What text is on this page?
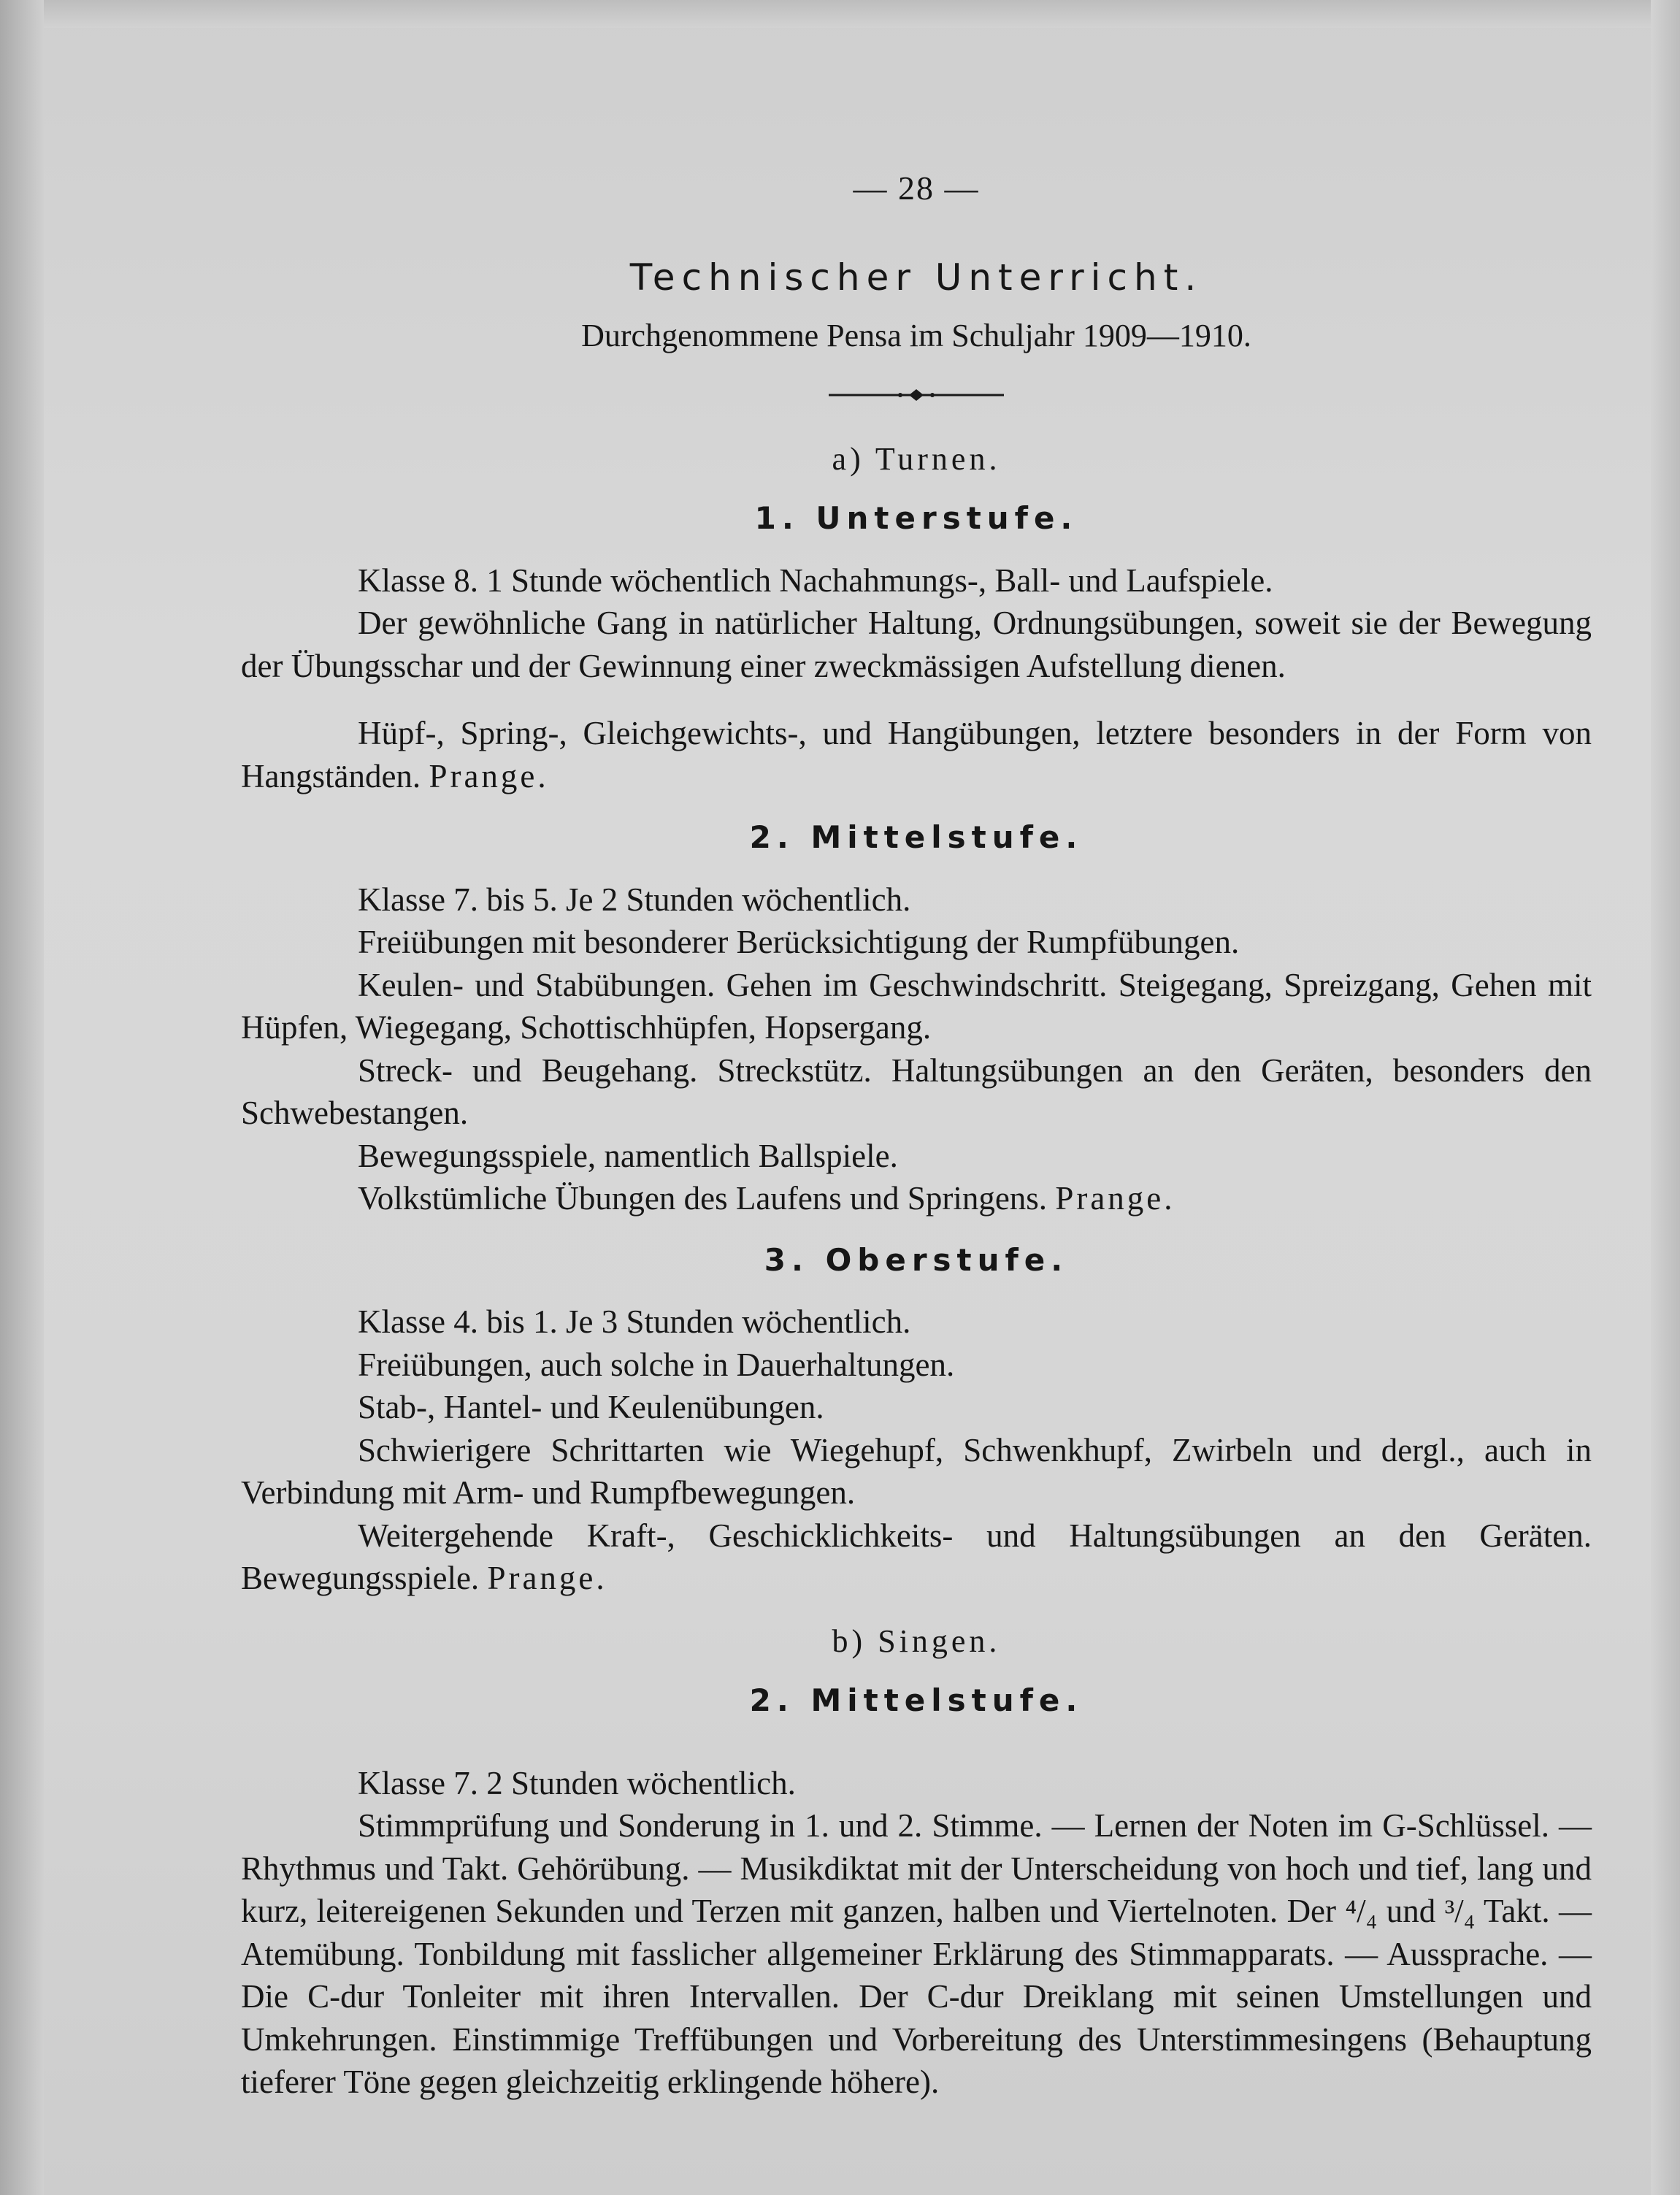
— 28 —
Technischer Unterricht.
Durchgenommene Pensa im Schuljahr 1909—1910.
a) Turnen.
1. Unterstufe.

Klasse 8. 1 Stunde wöchentlich Nachahmungs-, Ball- und Laufspiele.

Der gewöhnliche Gang in natürlicher Haltung, Ordnungsübungen, soweit sie der Bewegung der Übungsschar und der Gewinnung einer zweckmässigen Aufstellung dienen.

Hüpf-, Spring-, Gleichgewichts-, und Hangübungen, letztere besonders in der Form von Hangständen. Prange.

2. Mittelstufe.

Klasse 7. bis 5. Je 2 Stunden wöchentlich.

Freiübungen mit besonderer Berücksichtigung der Rumpfübungen.

Keulen- und Stabübungen. Gehen im Geschwindschritt. Steigegang, Spreizgang, Gehen mit Hüpfen, Wiegegang, Schottischhüpfen, Hopsergang.

Streck- und Beugehang. Streckstütz. Haltungsübungen an den Geräten, besonders den Schwebestangen.

Bewegungsspiele, namentlich Ballspiele.

Volkstümliche Übungen des Laufens und Springens. Prange.

3. Oberstufe.

Klasse 4. bis 1. Je 3 Stunden wöchentlich.

Freiübungen, auch solche in Dauerhaltungen.

Stab-, Hantel- und Keulenübungen.

Schwierigere Schrittarten wie Wiegehupf, Schwenkhupf, Zwirbeln und dergl., auch in Verbindung mit Arm- und Rumpfbewegungen.

Weitergehende Kraft-, Geschicklichkeits- und Haltungsübungen an den Geräten. Bewegungsspiele. Prange.

b) Singen.
2. Mittelstufe.

Klasse 7. 2 Stunden wöchentlich.

Stimmprüfung und Sonderung in 1. und 2. Stimme. — Lernen der Noten im G-Schlüssel. — Rhythmus und Takt. Gehörübung. — Musikdiktat mit der Unterscheidung von hoch und tief, lang und kurz, leitereigenen Sekunden und Terzen mit ganzen, halben und Viertelnoten. Der ⁴/₄ und ³/₄ Takt. — Atemübung. Tonbildung mit fasslicher allgemeiner Erklärung des Stimmapparats. — Aussprache. — Die C-dur Tonleiter mit ihren Intervallen. Der C-dur Dreiklang mit seinen Umstellungen und Umkehrungen. Einstimmige Treffübungen und Vorbereitung des Unterstimmesingens (Behauptung tieferer Töne gegen gleichzeitig erklingende höhere).
